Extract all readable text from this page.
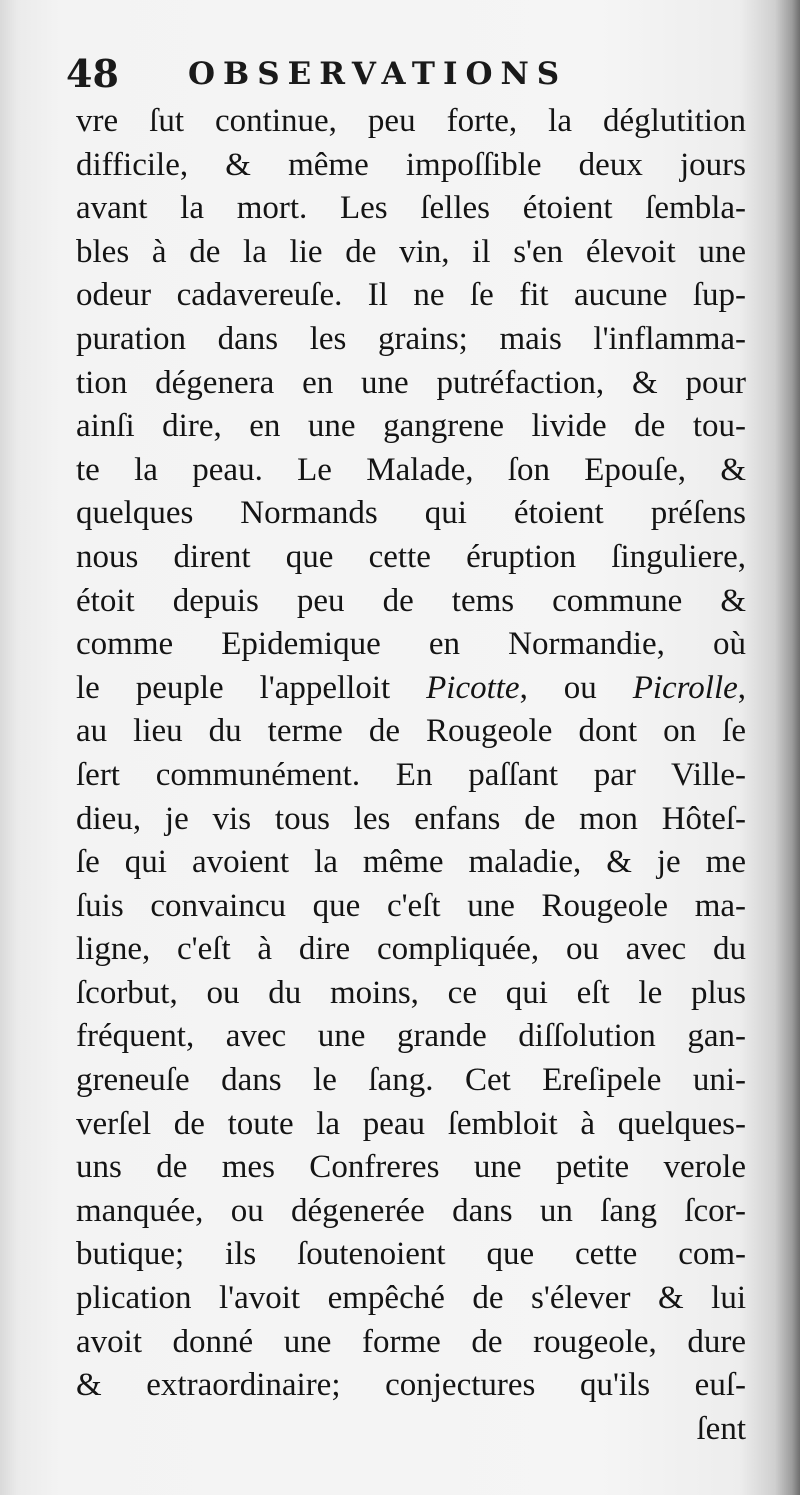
48 OBSERVATIONS
vre ſut continue, peu forte, la déglutition
difficile, & même impoſſible deux jours
avant la mort. Les ſelles étoient ſembla-
bles à de la lie de vin, il s'en élevoit une
odeur cadavereuſe. Il ne ſe fit aucune ſup-
puration dans les grains; mais l'inflamma-
tion dégenera en une putréfaction, & pour
ainſi dire, en une gangrene livide de tou-
te la peau. Le Malade, ſon Epouſe, &
quelques Normands qui étoient préſens
nous dirent que cette éruption ſinguliere,
étoit depuis peu de tems commune &
comme Epidemique en Normandie, où
le peuple l'appelloit Picotte, ou Picrolle,
au lieu du terme de Rougeole dont on ſe
ſert communément. En paſſant par Ville-
dieu, je vis tous les enfans de mon Hôteſ-
ſe qui avoient la même maladie, & je me
ſuis convaincu que c'eſt une Rougeole ma-
ligne, c'eſt à dire compliquée, ou avec du
ſcorbut, ou du moins, ce qui eſt le plus
fréquent, avec une grande diſſolution gan-
greneuſe dans le ſang. Cet Ereſipele uni-
verſel de toute la peau ſembloit à quelques-
uns de mes Confreres une petite verole
manquée, ou dégenerée dans un ſang ſcor-
butique; ils ſoutenoient que cette com-
plication l'avoit empêché de s'élever & lui
avoit donné une forme de rougeole, dure
& extraordinaire; conjectures qu'ils euſ-
ſent
